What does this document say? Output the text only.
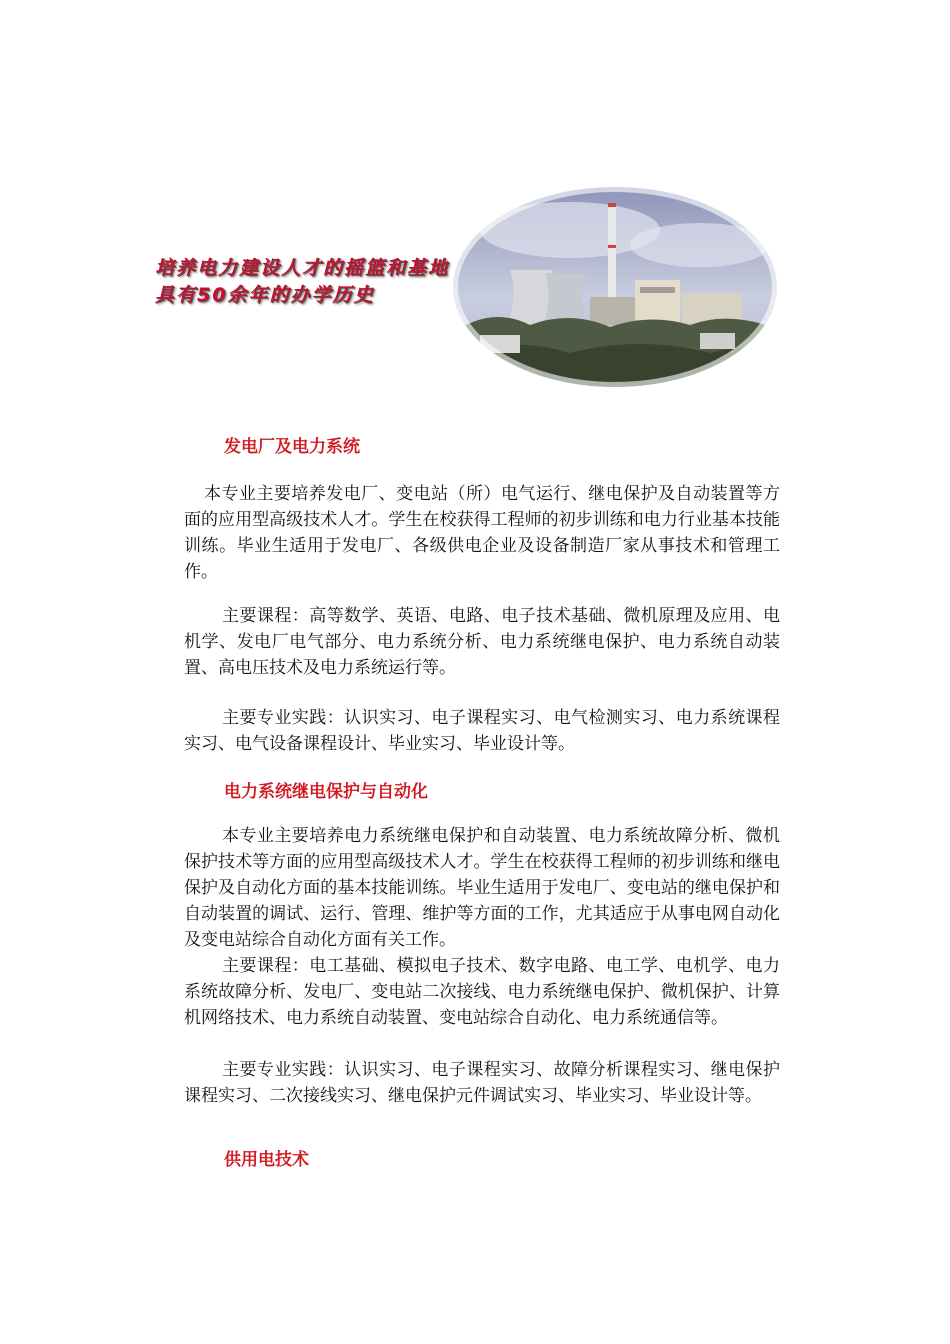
培养电力建设人才的摇篮和基地
具有50余年的办学历史
发电厂及电力系统

本专业主要培养发电厂、变电站（所）电气运行、继电保护及自动装置等方面的应用型高级技术人才。学生在校获得工程师的初步训练和电力行业基本技能训练。毕业生适用于发电厂、各级供电企业及设备制造厂家从事技术和管理工作。

主要课程：高等数学、英语、电路、电子技术基础、微机原理及应用、电机学、发电厂电气部分、电力系统分析、电力系统继电保护、电力系统自动装置、高电压技术及电力系统运行等。

主要专业实践：认识实习、电子课程实习、电气检测实习、电力系统课程实习、电气设备课程设计、毕业实习、毕业设计等。

电力系统继电保护与自动化

本专业主要培养电力系统继电保护和自动装置、电力系统故障分析、微机保护技术等方面的应用型高级技术人才。学生在校获得工程师的初步训练和继电保护及自动化方面的基本技能训练。毕业生适用于发电厂、变电站的继电保护和自动装置的调试、运行、管理、维护等方面的工作，尤其适应于从事电网自动化及变电站综合自动化方面有关工作。

主要课程：电工基础、模拟电子技术、数字电路、电工学、电机学、电力系统故障分析、发电厂、变电站二次接线、电力系统继电保护、微机保护、计算机网络技术、电力系统自动装置、变电站综合自动化、电力系统通信等。

主要专业实践：认识实习、电子课程实习、故障分析课程实习、继电保护课程实习、二次接线实习、继电保护元件调试实习、毕业实习、毕业设计等。

供用电技术
